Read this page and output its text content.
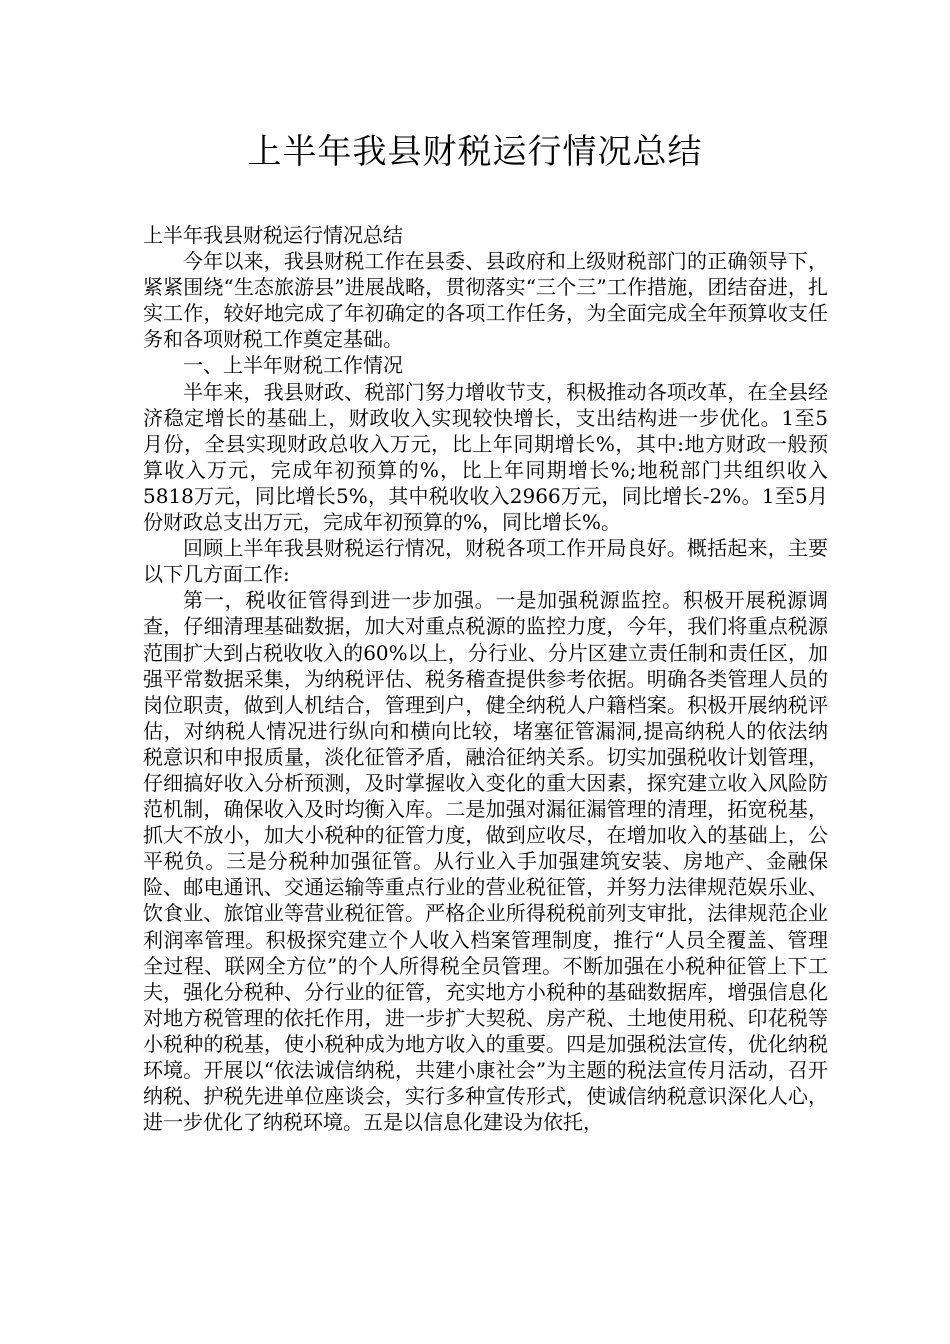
上半年我县财税运行情况总结

上半年我县财税运行情况总结

今年以来，我县财税工作在县委、县政府和上级财税部门的正确领导下，紧紧围绕“生态旅游县”进展战略，贯彻落实“三个三”工作措施，团结奋进，扎实工作，较好地完成了年初确定的各项工作任务，为全面完成全年预算收支任务和各项财税工作奠定基础。

一、上半年财税工作情况

半年来，我县财政、税部门努力增收节支，积极推动各项改革，在全县经济稳定增长的基础上，财政收入实现较快增长，支出结构进一步优化。1至5月份，全县实现财政总收入万元，比上年同期增长%，其中:地方财政一般预算收入万元，完成年初预算的%，比上年同期增长%;地税部门共组织收入5818万元，同比增长5%，其中税收收入2966万元，同比增长-2%。1至5月份财政总支出万元，完成年初预算的%，同比增长%。

回顾上半年我县财税运行情况，财税各项工作开局良好。概括起来，主要以下几方面工作:

第一，税收征管得到进一步加强。一是加强税源监控。积极开展税源调查，仔细清理基础数据，加大对重点税源的监控力度，今年，我们将重点税源范围扩大到占税收收入的60%以上，分行业、分片区建立责任制和责任区，加强平常数据采集，为纳税评估、税务稽查提供参考依据。明确各类管理人员的岗位职责，做到人机结合，管理到户，健全纳税人户籍档案。积极开展纳税评估，对纳税人情况进行纵向和横向比较，堵塞征管漏洞,提高纳税人的依法纳税意识和申报质量，淡化征管矛盾，融洽征纳关系。切实加强税收计划管理，仔细搞好收入分析预测，及时掌握收入变化的重大因素，探究建立收入风险防范机制，确保收入及时均衡入库。二是加强对漏征漏管理的清理，拓宽税基，抓大不放小，加大小税种的征管力度，做到应收尽，在增加收入的基础上，公平税负。三是分税种加强征管。从行业入手加强建筑安装、房地产、金融保险、邮电通讯、交通运输等重点行业的营业税征管，并努力法律规范娱乐业、饮食业、旅馆业等营业税征管。严格企业所得税税前列支审批，法律规范企业利润率管理。积极探究建立个人收入档案管理制度，推行“人员全覆盖、管理全过程、联网全方位”的个人所得税全员管理。不断加强在小税种征管上下工夫，强化分税种、分行业的征管，充实地方小税种的基础数据库，增强信息化对地方税管理的依托作用，进一步扩大契税、房产税、土地使用税、印花税等小税种的税基，使小税种成为地方收入的重要。四是加强税法宣传，优化纳税环境。开展以“依法诚信纳税，共建小康社会”为主题的税法宣传月活动，召开纳税、护税先进单位座谈会，实行多种宣传形式，使诚信纳税意识深化人心，进一步优化了纳税环境。五是以信息化建设为依托，
